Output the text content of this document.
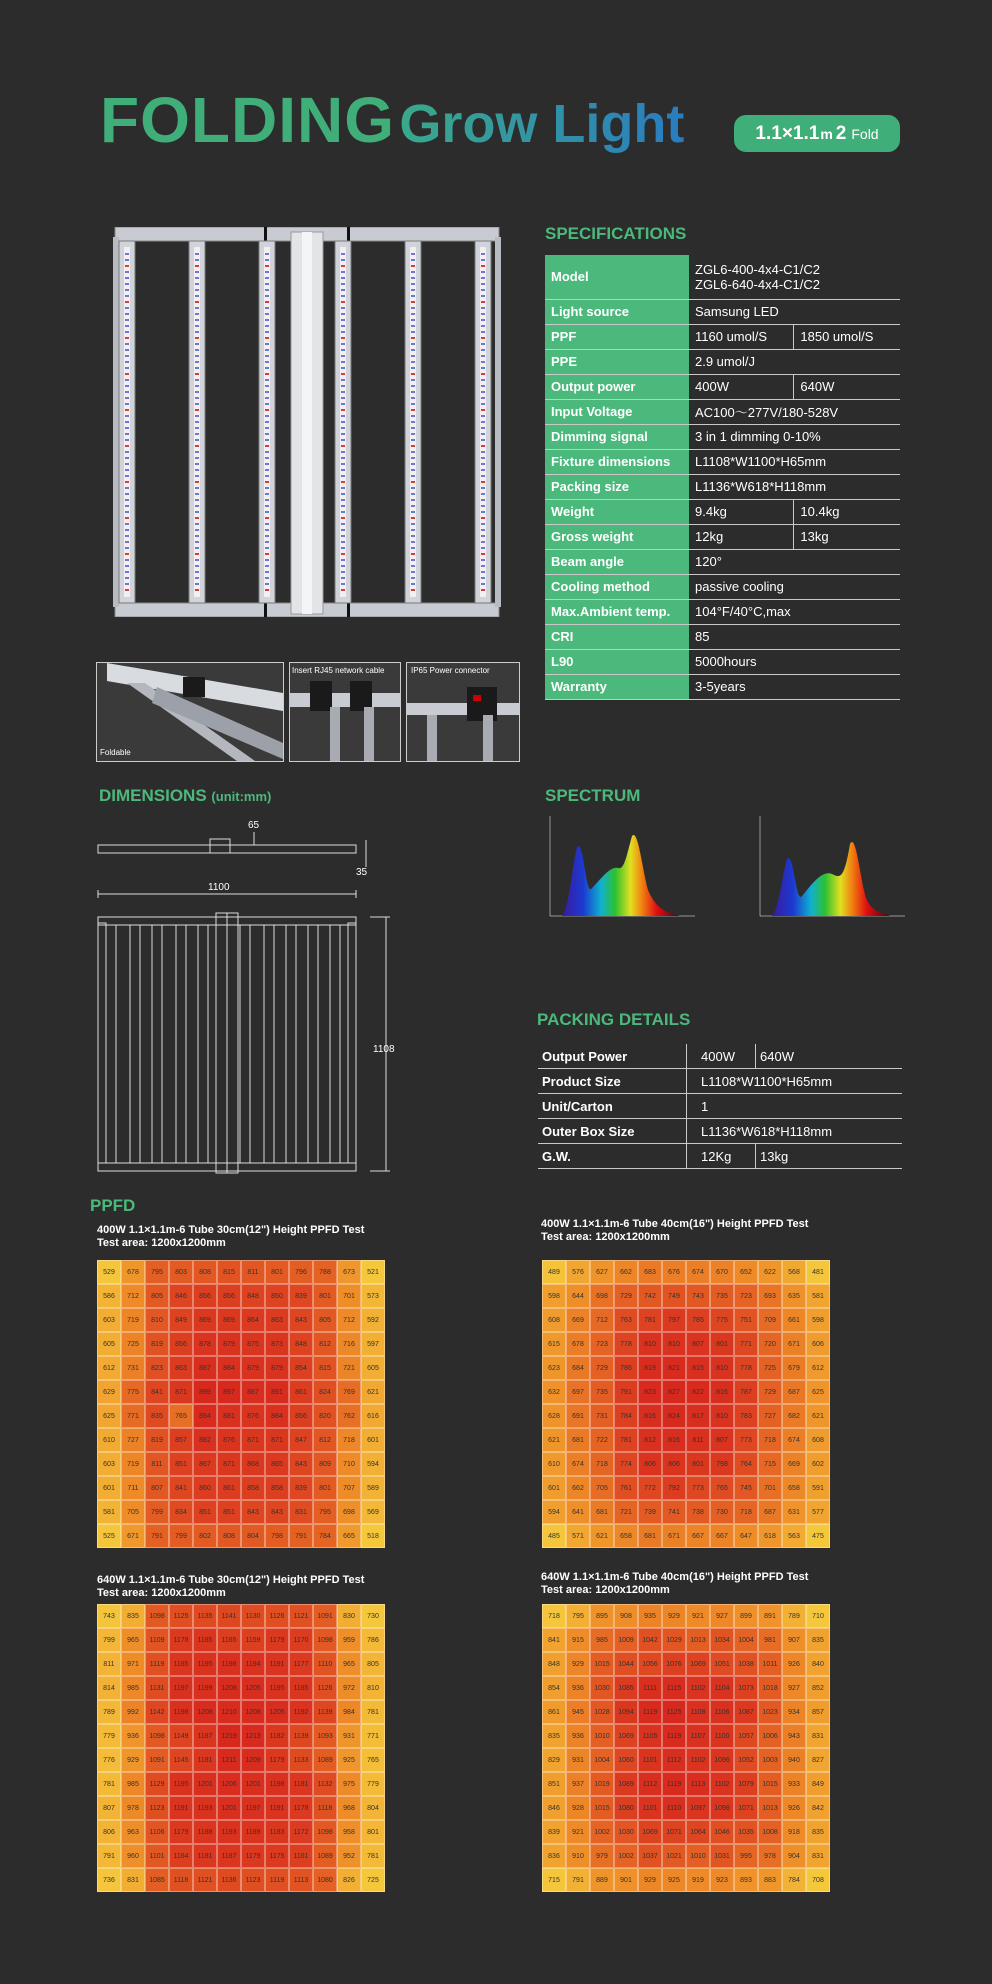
FOLDING Grow Light	1.1×1.1 m 2 Fold
Foldable
Insert RJ45 network cable	IP65 Power connector
SPECIFICATIONS
Model	ZGL6-400-4x4-C1/C2
ZGL6-640-4x4-C1/C2	

Light source	Samsung LED	
PPF	1160 umol/S	1850 umol/S
PPE	2.9 umol/J	
Output power	400W	640W
Input Voltage	AC100～277V/180-528V	
Dimming signal	3 in 1 dimming 0-10%	
Fixture dimensions	L1108*W1100*H65mm	
Packing size	L1136*W618*H118mm	
Weight	9.4kg	10.4kg
Gross weight	12kg	13kg
Beam angle	120°	
Cooling method	passive cooling	
Max.Ambient temp.	104°F/40°C,max	
CRI	85	
L90	5000hours	
Warranty	3-5years	
DIMENSIONS (unit:mm)
65
35
1100
1108
SPECTRUM
PACKING DETAILS
Output Power	400W	640W
Product Size	L1108*W1100*H65mm	
Unit/Carton	1	
Outer Box Size	L1136*W618*H118mm	
G.W.	12Kg	13kg
PPFD
400W 1.1×1.1m-6 Tube 30cm(12") Height PPFD Test
Test area: 1200x1200mm
529	678	795	803	808	815	811	801	796	788	673	521
586	712	805	846	856	856	848	850	839	801	701	573
603	719	810	849	869	869	864	863	843	805	712	592
605	725	819	856	878	879	875	873	848	812	716	597
612	731	823	863	887	884	879	879	854	815	721	605
629	775	841	871	899	897	887	891	861	824	769	621
625	771	835	765	894	881	876	884	856	820	762	616
610	727	819	857	882	876	871	871	847	812	718	601
603	719	811	851	867	871	868	865	843	809	710	594
601	711	807	841	860	861	858	858	839	801	707	589
581	705	799	834	851	851	843	843	831	795	698	569
525	671	791	799	802	808	804	798	791	784	665	518
400W 1.1×1.1m-6 Tube 40cm(16") Height PPFD Test
Test area: 1200x1200mm
489	576	627	662	683	676	674	670	652	622	568	481
598	644	698	729	742	749	743	735	723	693	635	581
608	669	712	763	781	797	785	775	751	709	661	598
615	678	723	778	810	810	807	801	771	720	671	606
623	684	729	786	819	821	815	810	778	725	679	612
632	697	735	791	823	827	822	816	787	729	687	625
628	691	731	784	816	824	817	810	783	727	682	621
621	681	722	781	812	816	811	807	773	718	674	608
610	674	718	774	806	806	801	798	764	715	669	602
601	662	705	761	772	792	773	765	745	701	658	591
594	641	681	721	739	741	738	730	718	687	631	577
485	571	621	658	681	671	667	667	647	618	563	475
640W 1.1×1.1m-6 Tube 30cm(12") Height PPFD Test
Test area: 1200x1200mm
743	835	1098	1125	1135	1141	1130	1126	1121	1091	830	730
799	965	1109	1178	1185	1165	1159	1179	1170	1098	959	786
811	971	1119	1185	1195	1198	1194	1191	1177	1110	965	805
814	985	1131	1197	1199	1208	1205	1195	1185	1126	972	810
789	992	1142	1198	1208	1210	1208	1205	1192	1139	984	781
779	936	1098	1149	1187	1219	1213	1182	1139	1093	931	771
776	929	1091	1145	1181	1211	1209	1179	1133	1089	925	765
781	985	1129	1195	1201	1206	1201	1198	1181	1132	975	779
807	978	1123	1191	1193	1201	1197	1191	1178	1118	968	804
806	963	1106	1179	1188	1193	1189	1183	1172	1098	958	801
791	960	1101	1164	1181	1187	1179	1175	1161	1089	952	781
736	831	1085	1118	1121	1136	1123	1119	1113	1080	826	725
640W 1.1×1.1m-6 Tube 40cm(16") Height PPFD Test
Test area: 1200x1200mm
718	795	895	908	935	929	921	927	899	891	789	710
841	915	985	1009	1042	1029	1013	1034	1004	981	907	835
848	929	1015	1044	1056	1076	1069	1051	1038	1011	926	840
854	936	1030	1085	1111	1115	1102	1104	1073	1018	927	852
861	945	1028	1094	1119	1125	1108	1106	1087	1023	934	857
835	936	1010	1069	1105	1119	1107	1100	1057	1006	943	831
829	931	1004	1060	1101	1112	1102	1096	1052	1003	940	827
851	937	1019	1089	1112	1119	1113	1102	1079	1015	933	849
846	928	1015	1080	1101	1110	1097	1098	1071	1013	926	842
839	921	1002	1030	1069	1071	1064	1046	1035	1008	918	835
836	910	979	1002	1037	1021	1010	1031	995	978	904	831
715	791	889	901	929	925	919	923	893	883	784	708
